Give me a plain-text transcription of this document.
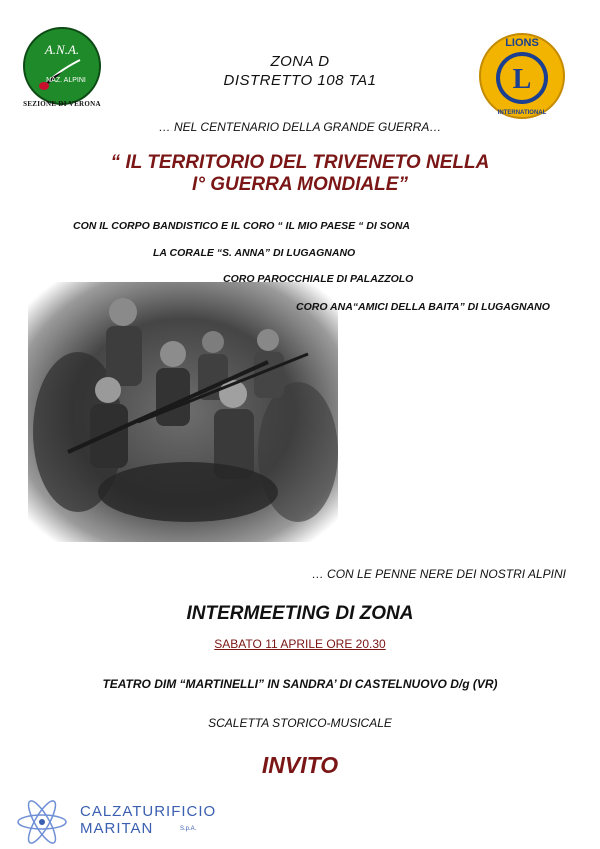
A.N.A.
NAZ. ALPINI
SEZIONE DI VERONA
L
LIONS
INTERNATIONAL
ZONA D
DISTRETTO 108 TA1
… NEL CENTENARIO DELLA GRANDE GUERRA…
“ IL TERRITORIO DEL TRIVENETO NELLA
I° GUERRA MONDIALE”
CON IL CORPO BANDISTICO E IL CORO “ IL MIO PAESE “ DI SONA
LA CORALE “S. ANNA” DI LUGAGNANO
CORO PAROCCHIALE DI PALAZZOLO
CORO ANA“AMICI DELLA BAITA” DI LUGAGNANO
… CON LE PENNE NERE DEI NOSTRI ALPINI
INTERMEETING DI ZONA
SABATO 11 APRILE ORE 20.30
TEATRO DIM “MARTINELLI” IN SANDRA’ DI CASTELNUOVO D/g (VR)
SCALETTA STORICO-MUSICALE
INVITO
CALZATURIFICIO
MARITAN	S.p.A.
